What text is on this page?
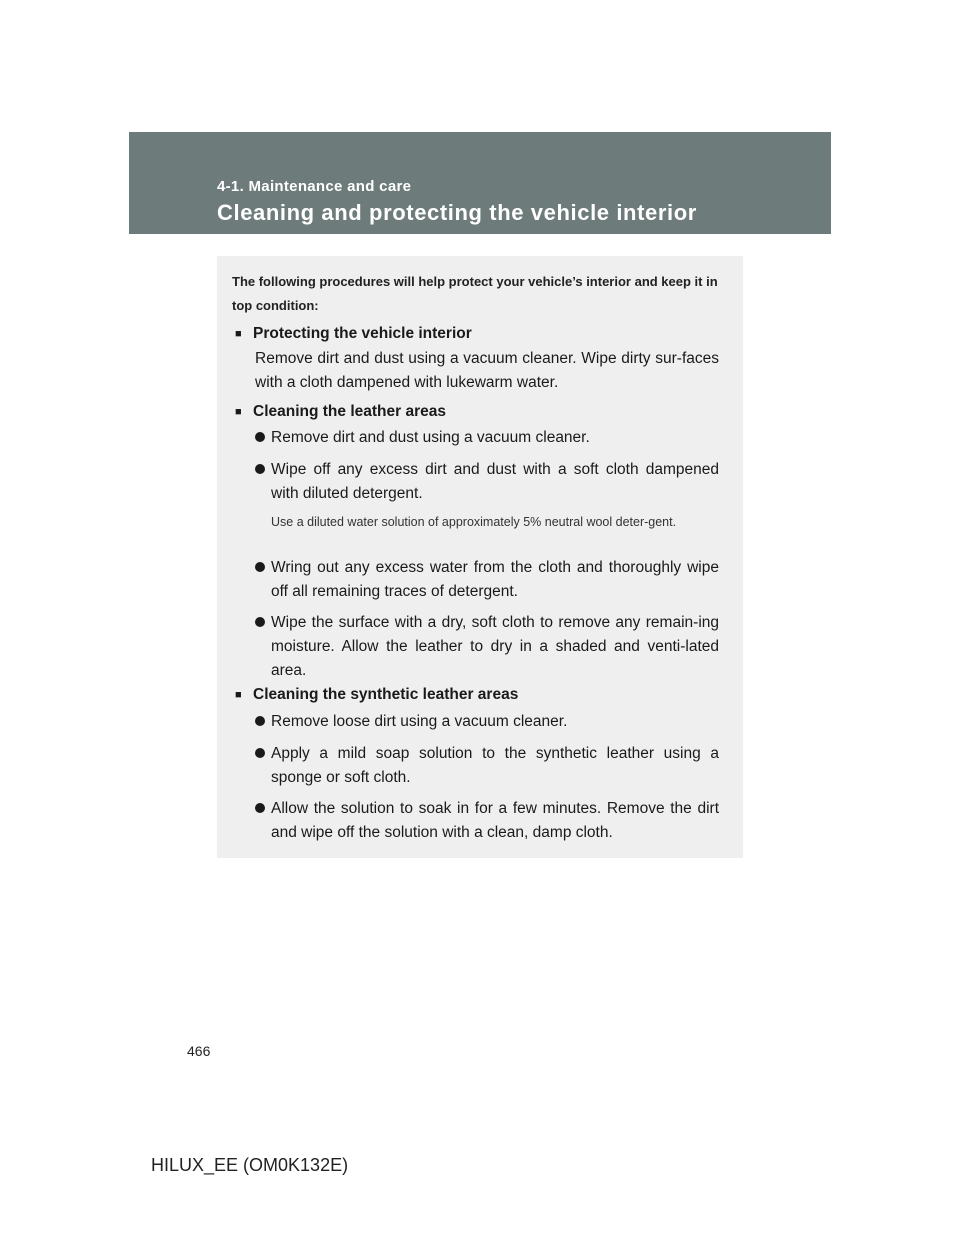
4-1. Maintenance and care
Cleaning and protecting the vehicle interior
The following procedures will help protect your vehicle’s interior and keep it in top condition:
■ Protecting the vehicle interior
Remove dirt and dust using a vacuum cleaner. Wipe dirty sur-faces with a cloth dampened with lukewarm water.
■ Cleaning the leather areas
Remove dirt and dust using a vacuum cleaner.
Wipe off any excess dirt and dust with a soft cloth dampened with diluted detergent.
Use a diluted water solution of approximately 5% neutral wool deter-gent.
Wring out any excess water from the cloth and thoroughly wipe off all remaining traces of detergent.
Wipe the surface with a dry, soft cloth to remove any remain-ing moisture. Allow the leather to dry in a shaded and venti-lated area.
■ Cleaning the synthetic leather areas
Remove loose dirt using a vacuum cleaner.
Apply a mild soap solution to the synthetic leather using a sponge or soft cloth.
Allow the solution to soak in for a few minutes. Remove the dirt and wipe off the solution with a clean, damp cloth.
466
HILUX_EE (OM0K132E)
